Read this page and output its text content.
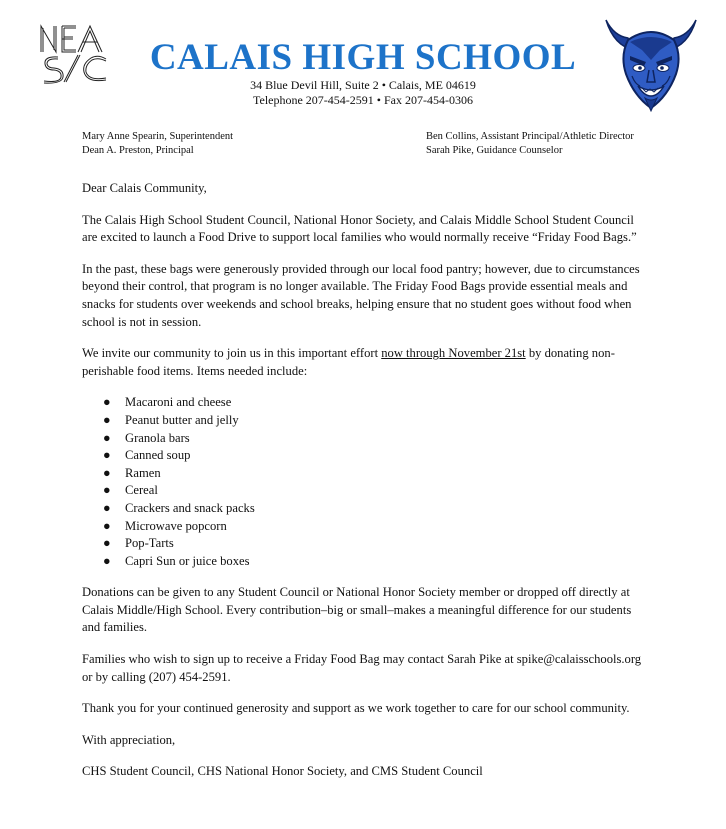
CALAIS HIGH SCHOOL
34 Blue Devil Hill, Suite 2 • Calais, ME 04619
Telephone 207-454-2591 • Fax 207-454-0306
Mary Anne Spearin, Superintendent
Dean A. Preston, Principal
Ben Collins, Assistant Principal/Athletic Director
Sarah Pike, Guidance Counselor

Dear Calais Community,

The Calais High School Student Council, National Honor Society, and Calais Middle School Student Council are excited to launch a Food Drive to support local families who would normally receive “Friday Food Bags.”

In the past, these bags were generously provided through our local food pantry; however, due to circumstances beyond their control, that program is no longer available. The Friday Food Bags provide essential meals and snacks for students over weekends and school breaks, helping ensure that no student goes without food when school is not in session.

We invite our community to join us in this important effort now through November 21st by donating non-perishable food items. Items needed include:

● Macaroni and cheese
● Peanut butter and jelly
● Granola bars
● Canned soup
● Ramen
● Cereal
● Crackers and snack packs
● Microwave popcorn
● Pop-Tarts
● Capri Sun or juice boxes

Donations can be given to any Student Council or National Honor Society member or dropped off directly at Calais Middle/High School. Every contribution–big or small–makes a meaningful difference for our students and families.

Families who wish to sign up to receive a Friday Food Bag may contact Sarah Pike at spike@calaisschools.org or by calling (207) 454-2591.

Thank you for your continued generosity and support as we work together to care for our school community.

With appreciation,

CHS Student Council, CHS National Honor Society, and CMS Student Council
